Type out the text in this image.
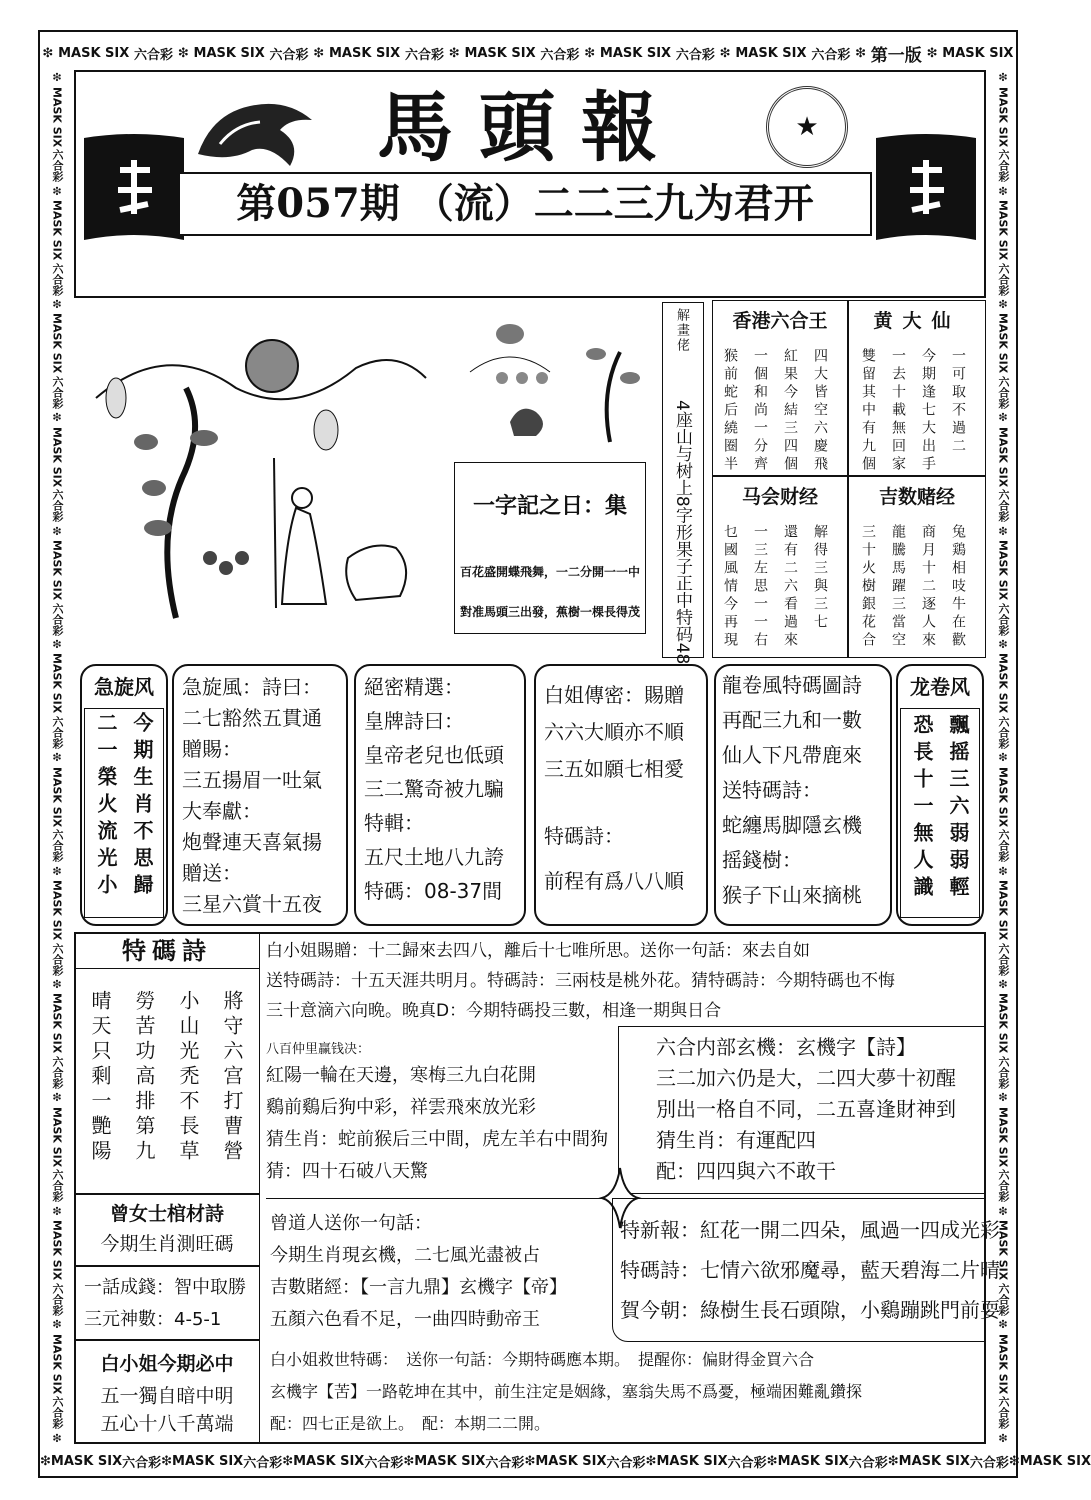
❇ MASK SIX 六合彩 ❇ MASK SIX 六合彩 ❇ MASK SIX 六合彩 ❇ MASK SIX 六合彩 ❇ MASK SIX 六合彩 ❇ MASK SIX 六合彩 ❇ 第一版 ❇ MASK SIX
❇ MASK SIX 六合彩 ❇ MASK SIX 六合彩 ❇ MASK SIX 六合彩 ❇ MASK SIX 六合彩 ❇ MASK SIX 六合彩 ❇ MASK SIX 六合彩 ❇ MASK SIX 六合彩 ❇ MASK SIX 六合彩 ❇ MASK SIX
❇
MASK SIX
六合彩
❇
MASK SIX
六合彩
❇
MASK SIX
六合彩
❇
MASK SIX
六合彩
❇
MASK SIX
六合彩
❇
MASK SIX
六合彩
❇
MASK SIX
六合彩
❇
MASK SIX
六合彩
❇
MASK SIX
六合彩
❇
MASK SIX
六合彩
❇
MASK SIX
六合彩
❇
MASK SIX
六合彩
❇
❇
MASK SIX
六合彩
❇
MASK SIX
六合彩
❇
MASK SIX
六合彩
❇
MASK SIX
六合彩
❇
MASK SIX
六合彩
❇
MASK SIX
六合彩
❇
MASK SIX
六合彩
❇
MASK SIX
六合彩
❇
MASK SIX
六合彩
❇
MASK SIX
六合彩
❇
MASK SIX
六合彩
❇
MASK SIX
六合彩
❇
★
馬頭報
第057期 （流）二二三九为君开
一字記之日：集
百花盛開蝶飛舞，一二分開一一中
對准馬頭三出發，蕉樹一棵長得茂
解畫佬
4座山与树上8字形果子正中特码48
香港六合王
猴前蛇后繞圈半 一個和尚一分齊 紅果今結三四個 四大皆空六慶飛
黄大仙
雙留其中有九個 一去十載無回家 今期逢七大出手 一可取不過二
马会财经
乜國風情今再現 一三左思一一右 還有二六看過來 解得三與三七
吉数赌经
三十火樹銀花合 龍騰馬躍三當空 商月十二逐人來 兔鶏相吱牛在歡
急旋风
今期生肖不思歸
二一榮火流光小
急旋風：詩曰：
二七豁然五貫通
贈賜：
三五揚眉一吐氣
大奉獻：
炮聲連天喜氣揚
贈送：
三星六賞十五夜
絕密精選：
皇牌詩曰：
皇帝老兒也低頭
三二驚奇被九騙
特輯：
五尺土地八九誇
特碼：08-37間
白姐傳密：賜贈
六六大順亦不順
三五如願七相愛
特碼詩：
前程有爲八八順
龍卷風特碼圖詩
再配三九和一數
仙人下凡帶鹿來
送特碼詩：
蛇纏馬脚隱玄機
摇錢樹：
猴子下山來摘桃
龙卷风
飄摇三六弱弱輕
恐長十一無人識
特碼詩
將守六宫打曹營
小山光禿不長草
勞苦功高排第九
晴天只剩一艷陽
曾女士棺材詩
今期生肖測旺碼
一話成錢：智中取勝
三元神數：4-5-1
白小姐今期必中
五一獨自暗中明
五心十八千萬端
白小姐賜贈：十二歸來去四八，離后十七唯所思。送你一句話：來去自如
送特碼詩：十五天涯共明月。特碼詩：三兩枝是桃外花。猜特碼詩：今期特碼也不悔
三十意滴六向晩。晩真D：今期特碼投三數，相逢一期與日合
八百仲里赢钱决：
紅陽一輪在天邊，寒梅三九白花開
鷄前鷄后狗中彩，祥雲飛來放光彩
猜生肖：蛇前猴后三中間，虎左羊右中間狗
猜：四十石破八天驚
六合内部玄機：玄機字【詩】
三二加六仍是大，二四大夢十初醒
別出一格自不同，二五喜逢財神到
猜生肖：有運配四
配：四四與六不敢干
曾道人送你一句話：
今期生肖現玄機，二七風光盡被占
吉數賭經：【一言九鼎】玄機字【帝】
五顏六色看不足，一曲四時動帝王
特新報：紅花一開二四朵，風過一四成光彩
特碼詩：七情六欲邪魔尋，藍天碧海二片晴
賀今朝：綠樹生長石頭隙，小鷄蹦跳門前耍
白小姐救世特碼：　送你一句話：今期特碼應本期。　提醒你：偏財得金買六合
玄機字【苦】一路乾坤在其中，前生注定是姻緣，塞翁失馬不爲憂，極端困難亂鑽探
配：四七正是欲上。　配：本期二二開。
